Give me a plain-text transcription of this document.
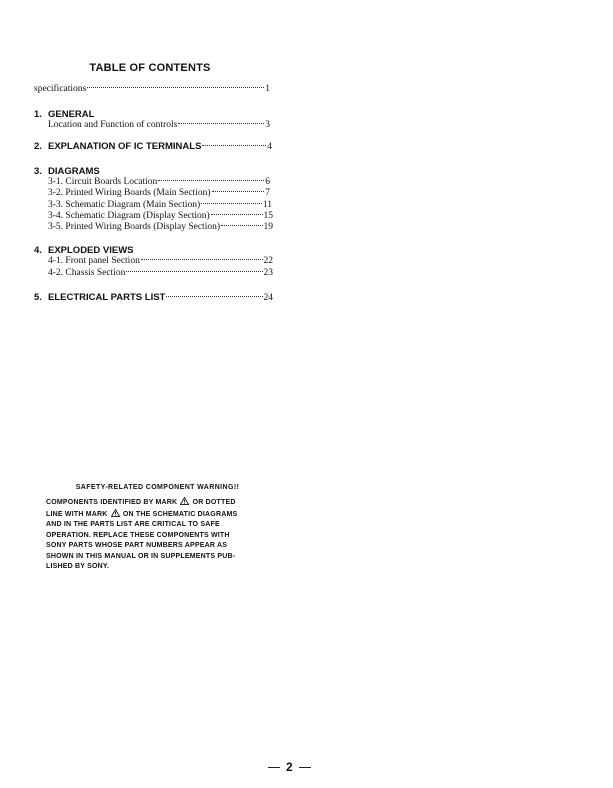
TABLE OF CONTENTS
specifications	1
1. GENERAL
Location and Function of controls	3
2. EXPLANATION OF IC TERMINALS	4
3. DIAGRAMS
3-1. Circuit Boards Location	6
3-2. Printed Wiring Boards (Main Section)	7
3-3. Schematic Diagram (Main Section)	11
3-4. Schematic Diagram (Display Section)	15
3-5. Printed Wiring Boards (Display Section)	19
4. EXPLODED VIEWS
4-1. Front panel Section	22
4-2. Chassis Section	23
5. ELECTRICAL PARTS LIST	24
SAFETY-RELATED COMPONENT WARNING!!
COMPONENTS IDENTIFIED BY MARK OR DOTTED
LINE WITH MARK ON THE SCHEMATIC DIAGRAMS
AND IN THE PARTS LIST ARE CRITICAL TO SAFE
OPERATION. REPLACE THESE COMPONENTS WITH
SONY PARTS WHOSE PART NUMBERS APPEAR AS
SHOWN IN THIS MANUAL OR IN SUPPLEMENTS PUB-
LISHED BY SONY.
2
